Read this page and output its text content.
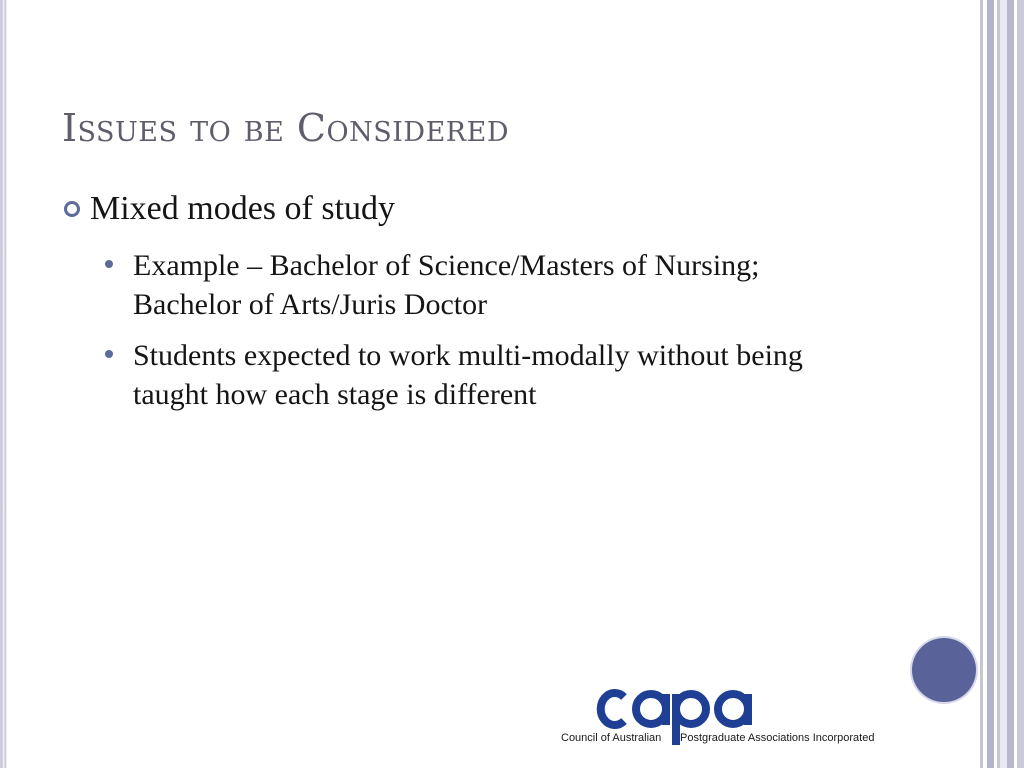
Issues to be Considered
Mixed modes of study
Example – Bachelor of Science/Masters of Nursing; Bachelor of Arts/Juris Doctor
Students expected to work multi-modally without being taught how each stage is different
Council of Australian Postgraduate Associations Incorporated
